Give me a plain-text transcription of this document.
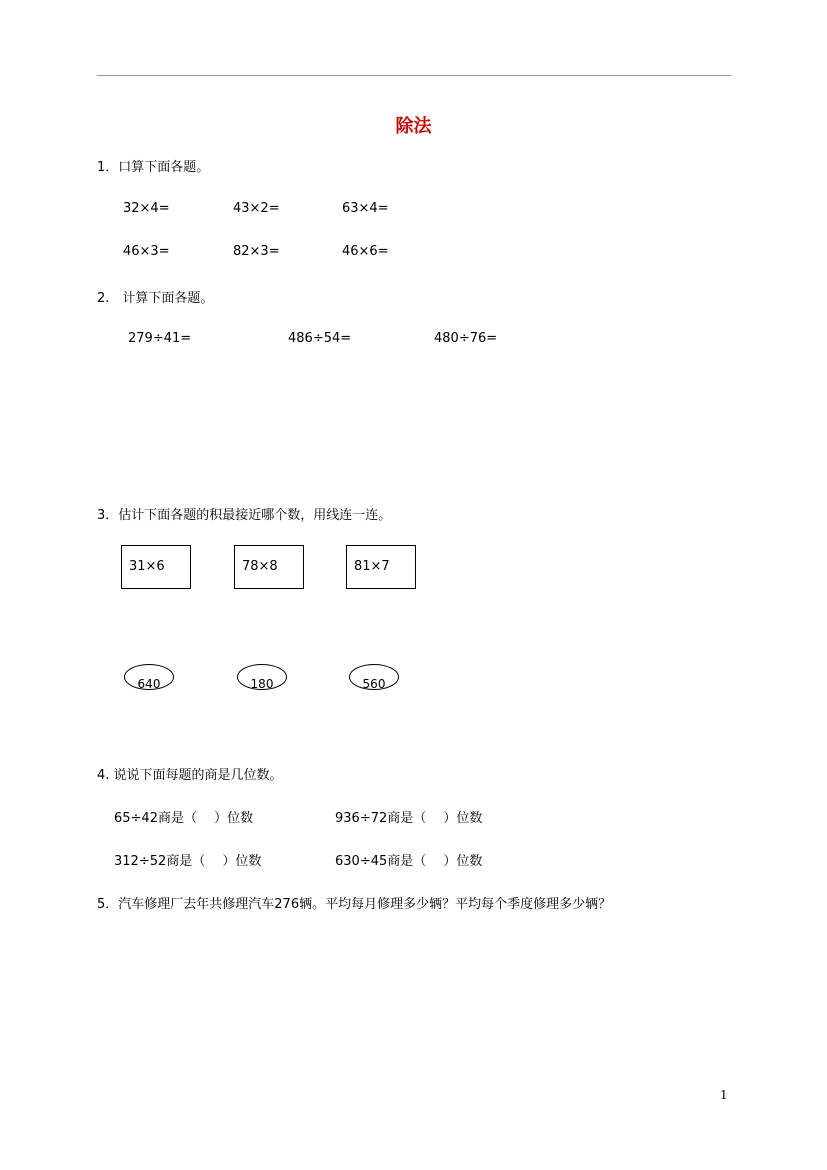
除法
1．口算下面各题。
32×4=	43×2=	63×4=
46×3=	82×3=	46×6=
2.　计算下面各题。
279÷41=	486÷54=	480÷76=
3．估计下面各题的积最接近哪个数，用线连一连。
31×6	78×8	81×7
640	180	560
4. 说说下面每题的商是几位数。
65÷42商是（　 ）位数	936÷72商是（　 ）位数
312÷52商是（　 ）位数	630÷45商是（　 ）位数
5．汽车修理厂去年共修理汽车276辆。平均每月修理多少辆？平均每个季度修理多少辆？
1
